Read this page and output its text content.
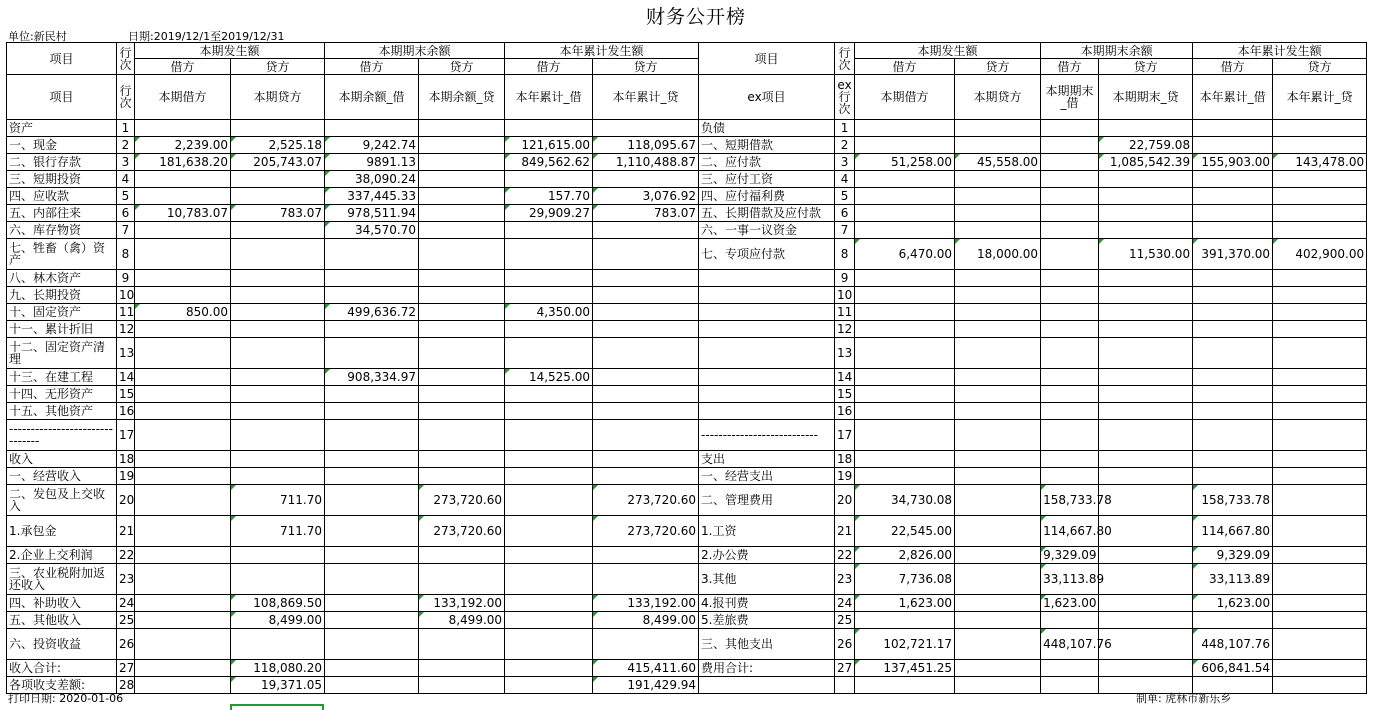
财务公开榜
单位:新民村	日期:2019/12/1至2019/12/31
项目	行次	本期发生额		本期期末余额		本年累计发生额		项目	行次	本期发生额		本期期末余额		本年累计发生额	
		借方	贷方	借方	贷方	借方	贷方			借方	贷方	借方	贷方	借方	贷方
项目	行次	本期借方	本期贷方	本期余额_借	本期余额_贷	本年累计_借	本年累计_贷	ex项目	ex行次	本期借方	本期贷方	本期期末_借	本期期末_贷	本年累计_借	本年累计_贷
资产	1							负债	1						
一、现金	2	2,239.00	2,525.18	9,242.74		121,615.00	118,095.67	一、短期借款	2				22,759.08		
二、银行存款	3	181,638.20	205,743.07	9891.13		849,562.62	1,110,488.87	二、应付款	3	51,258.00	45,558.00		1,085,542.39	155,903.00	143,478.00
三、短期投资	4			38,090.24				三、应付工资	4						
四、应收款	5			337,445.33		157.70	3,076.92	四、应付福利费	5						
五、内部往来	6	10,783.07	783.07	978,511.94		29,909.27	783.07	五、长期借款及应付款	6						
六、库存物资	7			34,570.70				六、一事一议资金	7						
七、牲畜（禽）资产	8							七、专项应付款	8	6,470.00	18,000.00		11,530.00	391,370.00	402,900.00
八、林木资产	9								9						
九、长期投资	10								10						
十、固定资产	11	850.00		499,636.72		4,350.00			11						
十一、累计折旧	12								12						
十二、固定资产清理	13								13						
十三、在建工程	14			908,334.97		14,525.00			14						
十四、无形资产	15								15						
十五、其他资产	16								16						
-------------------------------	17							---------------------------	17						
收入	18							支出	18						
一、经营收入	19							一、经营支出	19						
二、发包及上交收入	20		711.70		273,720.60		273,720.60	二、管理费用	20	34,730.08		158,733.78		158,733.78	
1.承包金	21		711.70		273,720.60		273,720.60	1.工资	21	22,545.00		114,667.80		114,667.80	
2.企业上交利润	22							2.办公费	22	2,826.00		9,329.09		9,329.09	
三、农业税附加返还收入	23							3.其他	23	7,736.08		33,113.89		33,113.89	
四、补助收入	24		108,869.50		133,192.00		133,192.00	4.报刊费	24	1,623.00		1,623.00		1,623.00	
五、其他收入	25		8,499.00		8,499.00		8,499.00	5.差旅费	25						
六、投资收益	26							三、其他支出	26	102,721.17		448,107.76		448,107.76	
收入合计:	27		118,080.20				415,411.60	费用合计:	27	137,451.25				606,841.54	
各项收支差额:	28		19,371.05				191,429.94								
打印日期: 2020-01-06	制单: 虎林市新乐乡
